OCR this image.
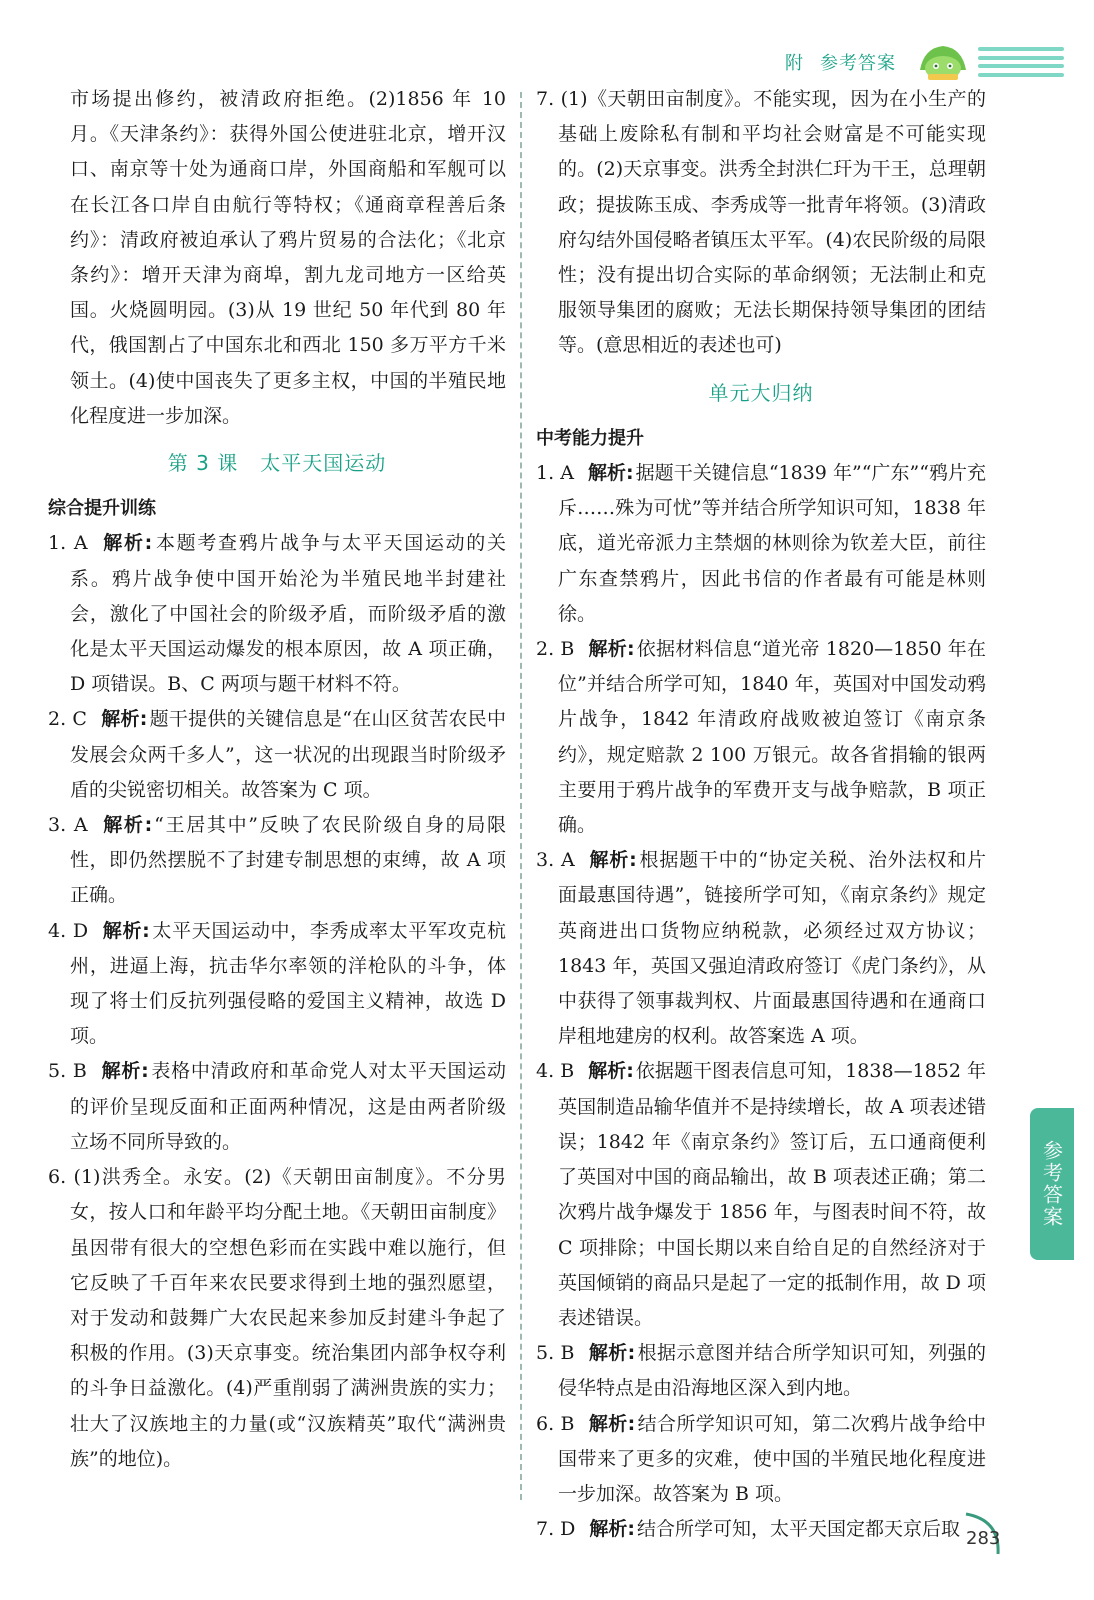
附 参考答案

市场提出修约，被清政府拒绝。(2)1856 年 10 月。《天津条约》：获得外国公使进驻北京，增开汉口、南京等十处为通商口岸，外国商船和军舰可以在长江各口岸自由航行等特权；《通商章程善后条约》：清政府被迫承认了鸦片贸易的合法化；《北京条约》：增开天津为商埠，割九龙司地方一区给英国。火烧圆明园。(3)从 19 世纪 50 年代到 80 年代，俄国割占了中国东北和西北 150 多万平方千米领土。(4)使中国丧失了更多主权，中国的半殖民地化程度进一步加深。

第 3 课 太平天国运动
综合提升训练

1. A 解析: 本题考查鸦片战争与太平天国运动的关系。鸦片战争使中国开始沦为半殖民地半封建社会，激化了中国社会的阶级矛盾，而阶级矛盾的激化是太平天国运动爆发的根本原因，故 A 项正确，D 项错误。B、C 两项与题干材料不符。

2. C 解析: 题干提供的关键信息是“在山区贫苦农民中发展会众两千多人”，这一状况的出现跟当时阶级矛盾的尖锐密切相关。故答案为 C 项。

3. A 解析: “王居其中”反映了农民阶级自身的局限性，即仍然摆脱不了封建专制思想的束缚，故 A 项正确。

4. D 解析: 太平天国运动中，李秀成率太平军攻克杭州，进逼上海，抗击华尔率领的洋枪队的斗争，体现了将士们反抗列强侵略的爱国主义精神，故选 D 项。

5. B 解析: 表格中清政府和革命党人对太平天国运动的评价呈现反面和正面两种情况，这是由两者阶级立场不同所导致的。

6. (1)洪秀全。永安。(2)《天朝田亩制度》。不分男女，按人口和年龄平均分配土地。《天朝田亩制度》虽因带有很大的空想色彩而在实践中难以施行，但它反映了千百年来农民要求得到土地的强烈愿望，对于发动和鼓舞广大农民起来参加反封建斗争起了积极的作用。(3)天京事变。统治集团内部争权夺利的斗争日益激化。(4)严重削弱了满洲贵族的实力；壮大了汉族地主的力量(或“汉族精英”取代“满洲贵族”的地位)。

7. (1)《天朝田亩制度》。不能实现，因为在小生产的基础上废除私有制和平均社会财富是不可能实现的。(2)天京事变。洪秀全封洪仁玕为干王，总理朝政；提拔陈玉成、李秀成等一批青年将领。(3)清政府勾结外国侵略者镇压太平军。(4)农民阶级的局限性；没有提出切合实际的革命纲领；无法制止和克服领导集团的腐败；无法长期保持领导集团的团结等。(意思相近的表述也可)

单元大归纳
中考能力提升

1. A 解析: 据题干关键信息“1839 年”“广东”“鸦片充斥……殊为可忧”等并结合所学知识可知，1838 年底，道光帝派力主禁烟的林则徐为钦差大臣，前往广东查禁鸦片，因此书信的作者最有可能是林则徐。

2. B 解析: 依据材料信息“道光帝 1820—1850 年在位”并结合所学可知，1840 年，英国对中国发动鸦片战争，1842 年清政府战败被迫签订《南京条约》，规定赔款 2 100 万银元。故各省捐输的银两主要用于鸦片战争的军费开支与战争赔款，B 项正确。

3. A 解析: 根据题干中的“协定关税、治外法权和片面最惠国待遇”，链接所学可知，《南京条约》规定英商进出口货物应纳税款，必须经过双方协议；1843 年，英国又强迫清政府签订《虎门条约》，从中获得了领事裁判权、片面最惠国待遇和在通商口岸租地建房的权利。故答案选 A 项。

4. B 解析: 依据题干图表信息可知，1838—1852 年英国制造品输华值并不是持续增长，故 A 项表述错误；1842 年《南京条约》签订后，五口通商便利了英国对中国的商品输出，故 B 项表述正确；第二次鸦片战争爆发于 1856 年，与图表时间不符，故 C 项排除；中国长期以来自给自足的自然经济对于英国倾销的商品只是起了一定的抵制作用，故 D 项表述错误。

5. B 解析: 根据示意图并结合所学知识可知，列强的侵华特点是由沿海地区深入到内地。

6. B 解析: 结合所学知识可知，第二次鸦片战争给中国带来了更多的灾难，使中国的半殖民地化程度进一步加深。故答案为 B 项。

7. D 解析: 结合所学可知，太平天国定都天京后取

参考答案
283
